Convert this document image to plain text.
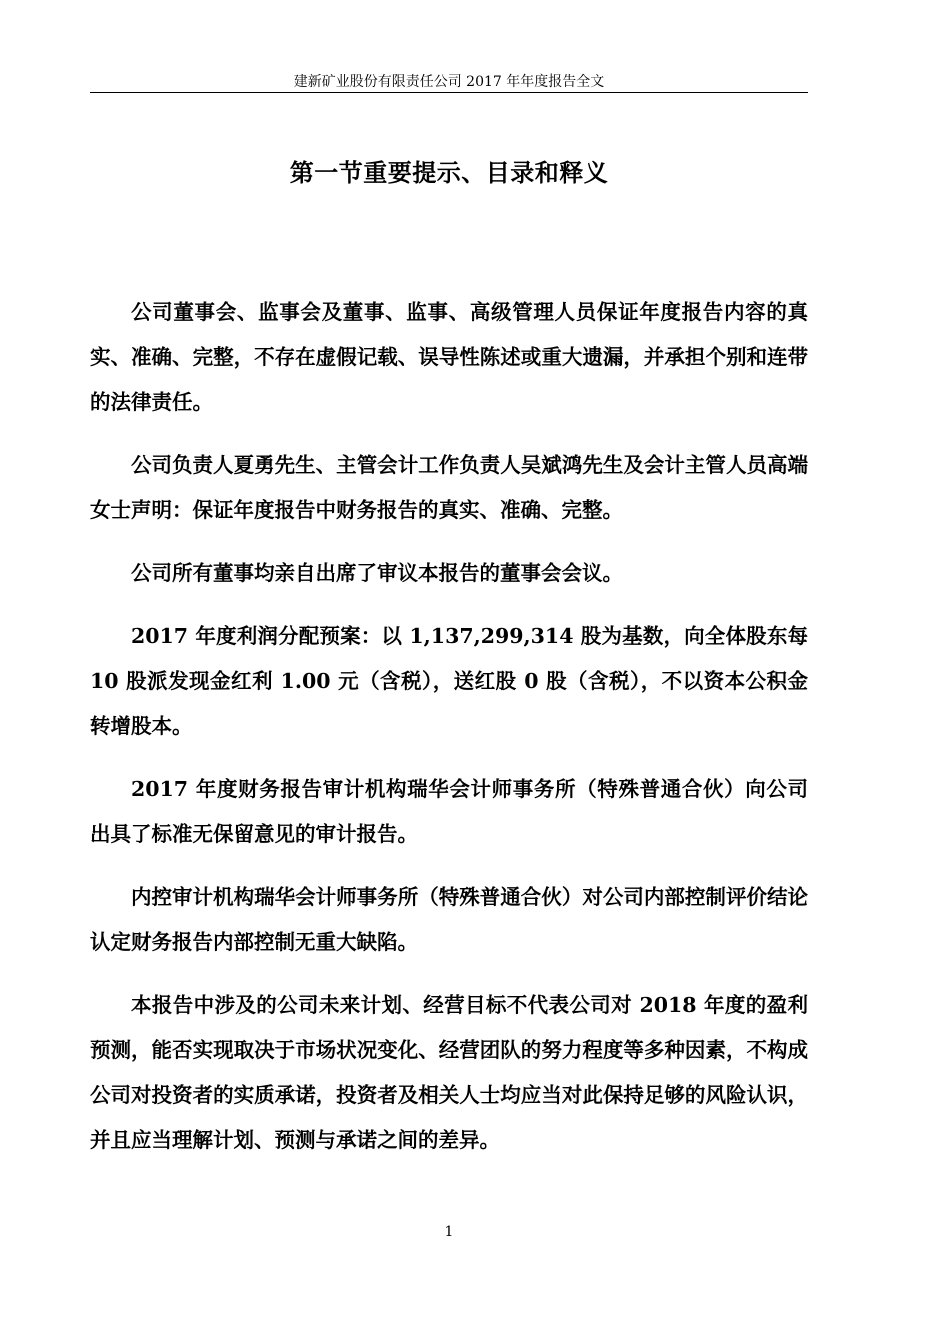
建新矿业股份有限责任公司 2017 年年度报告全文
第一节重要提示、目录和释义

公司董事会、监事会及董事、监事、高级管理人员保证年度报告内容的真实、准确、完整，不存在虚假记载、误导性陈述或重大遗漏，并承担个别和连带的法律责任。

公司负责人夏勇先生、主管会计工作负责人吴斌鸿先生及会计主管人员高端女士声明：保证年度报告中财务报告的真实、准确、完整。

公司所有董事均亲自出席了审议本报告的董事会会议。

2017 年度利润分配预案：以 1,137,299,314 股为基数，向全体股东每 10 股派发现金红利 1.00 元（含税），送红股 0 股（含税），不以资本公积金转增股本。

2017 年度财务报告审计机构瑞华会计师事务所（特殊普通合伙）向公司出具了标准无保留意见的审计报告。

内控审计机构瑞华会计师事务所（特殊普通合伙）对公司内部控制评价结论认定财务报告内部控制无重大缺陷。

本报告中涉及的公司未来计划、经营目标不代表公司对 2018 年度的盈利预测，能否实现取决于市场状况变化、经营团队的努力程度等多种因素，不构成公司对投资者的实质承诺，投资者及相关人士均应当对此保持足够的风险认识，并且应当理解计划、预测与承诺之间的差异。

1
